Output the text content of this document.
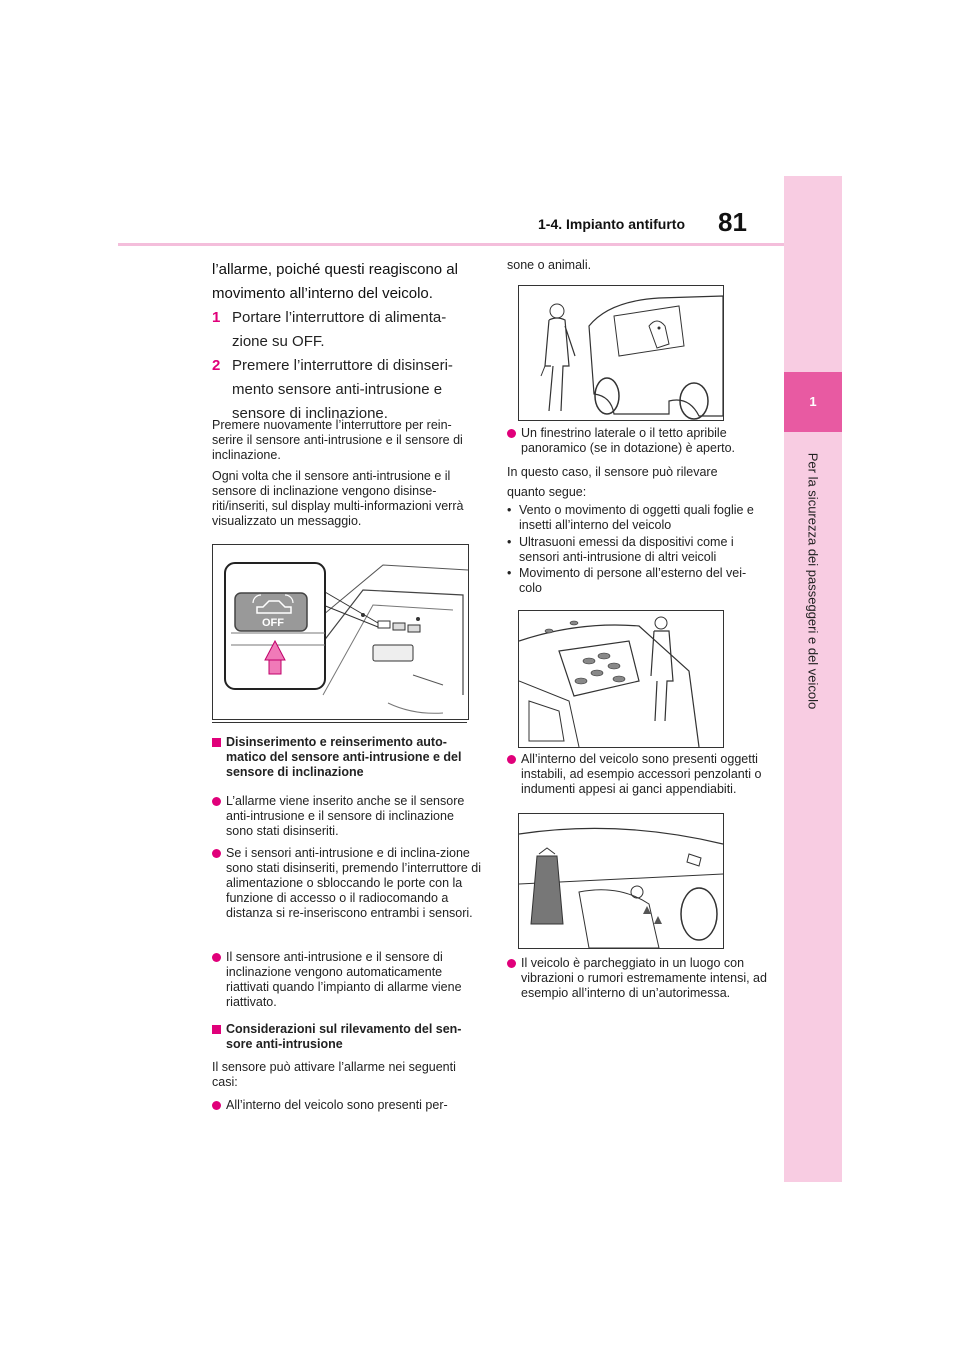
1-4. Impianto antifurto 81
1
Per la sicurezza dei passeggeri e del veicolo
l’allarme, poiché questi reagiscono al movimento all’interno del veicolo.
1 Portare l’interruttore di alimenta-zione su OFF.
2 Premere l’interruttore di disinseri-mento sensore anti-intrusione e sensore di inclinazione.
Premere nuovamente l’interruttore per rein-serire il sensore anti-intrusione e il sensore di inclinazione.
Ogni volta che il sensore anti-intrusione e il sensore di inclinazione vengono disinse-riti/inseriti, sul display multi-informazioni verrà visualizzato un messaggio.
OFF
Disinserimento e reinserimento auto-matico del sensore anti-intrusione e del sensore di inclinazione
L’allarme viene inserito anche se il sensore anti-intrusione e il sensore di inclinazione sono stati disinseriti.
Se i sensori anti-intrusione e di inclina-zione sono stati disinseriti, premendo l’interruttore di alimentazione o sbloccando le porte con la funzione di accesso o il radiocomando a distanza si re-inseriscono entrambi i sensori.
Il sensore anti-intrusione e il sensore di inclinazione vengono automaticamente riattivati quando l’impianto di allarme viene riattivato.
Considerazioni sul rilevamento del sen-sore anti-intrusione
Il sensore può attivare l’allarme nei seguenti casi:
All’interno del veicolo sono presenti per-
sone o animali.
Un finestrino laterale o il tetto apribile panoramico (se in dotazione) è aperto.
In questo caso, il sensore può rilevare quanto segue:
• Vento o movimento di oggetti quali foglie e insetti all’interno del veicolo
• Ultrasuoni emessi da dispositivi come i sensori anti-intrusione di altri veicoli
• Movimento di persone all’esterno del vei-colo
All’interno del veicolo sono presenti oggetti instabili, ad esempio accessori penzolanti o indumenti appesi ai ganci appendiabiti.
Il veicolo è parcheggiato in un luogo con vibrazioni o rumori estremamente intensi, ad esempio all’interno di un’autorimessa.
